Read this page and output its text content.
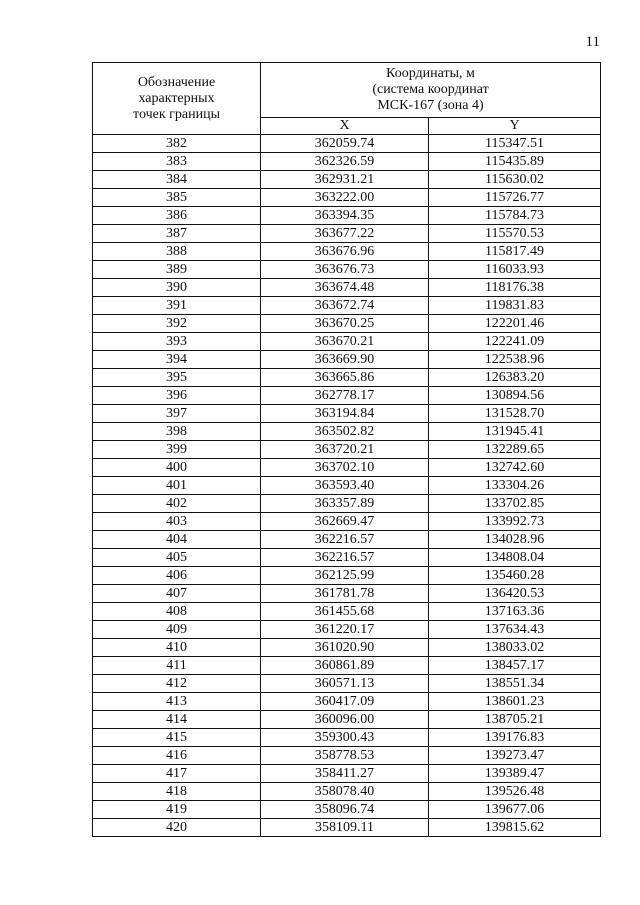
11
Обозначение
характерных
точек границы	Координаты, м
(система координат
МСК-167 (зона 4)	

	X	Y
382	362059.74	115347.51
383	362326.59	115435.89
384	362931.21	115630.02
385	363222.00	115726.77
386	363394.35	115784.73
387	363677.22	115570.53
388	363676.96	115817.49
389	363676.73	116033.93
390	363674.48	118176.38
391	363672.74	119831.83
392	363670.25	122201.46
393	363670.21	122241.09
394	363669.90	122538.96
395	363665.86	126383.20
396	362778.17	130894.56
397	363194.84	131528.70
398	363502.82	131945.41
399	363720.21	132289.65
400	363702.10	132742.60
401	363593.40	133304.26
402	363357.89	133702.85
403	362669.47	133992.73
404	362216.57	134028.96
405	362216.57	134808.04
406	362125.99	135460.28
407	361781.78	136420.53
408	361455.68	137163.36
409	361220.17	137634.43
410	361020.90	138033.02
411	360861.89	138457.17
412	360571.13	138551.34
413	360417.09	138601.23
414	360096.00	138705.21
415	359300.43	139176.83
416	358778.53	139273.47
417	358411.27	139389.47
418	358078.40	139526.48
419	358096.74	139677.06
420	358109.11	139815.62
